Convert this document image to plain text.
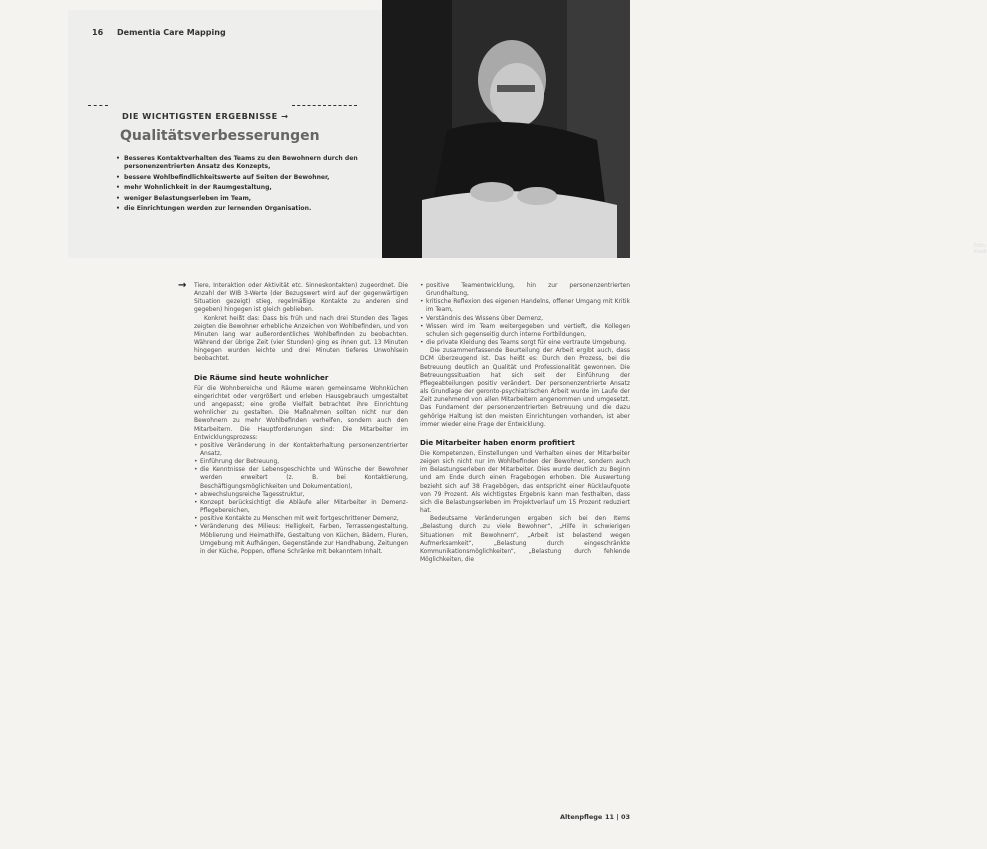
16 Dementia Care Mapping
DIE WICHTIGSTEN ERGEBNISSE →
Qualitätsverbesserungen
• Besseres Kontaktverhalten des Teams zu den Bewohnern durch den personenzentrierten Ansatz des Konzepts,
• bessere Wohlbefindlichkeitswerte auf Seiten der Bewohner,
• mehr Wohnlichkeit in der Raumgestaltung,
• weniger Belastungserleben im Team,
• die Einrichtungen werden zur lernenden Organisation.
Foto: Kiedt
→ Tiere, Interaktion oder Aktivität etc. Sinneskontakten) zugeordnet. Die Anzahl der WIB 3-Werte (der Bezugswert wird auf der gegenwärtigen Situation gezeigt) stieg, regelmäßige Kontakte zu anderen sind gegeben) hingegen ist gleich geblieben.

Konkret heißt das: Dass bis früh und nach drei Stunden des Tages zeigten die Bewohner erhebliche Anzeichen von Wohlbefinden, und von Minuten lang war außerordentliches Wohlbefinden zu beobachten. Während der übrige Zeit (vier Stunden) ging es ihnen gut. 13 Minuten hingegen wurden leichte und drei Minuten tieferes Unwohlsein beobachtet.

Die Räume sind heute wohnlicher

Für die Wohnbereiche und Räume waren gemeinsame Wohnküchen eingerichtet oder vergrößert und erleben Hausgebrauch umgestaltet und angepasst; eine große Vielfalt betrachtet ihre Einrichtung wohnlicher zu gestalten. Die Maßnahmen sollten nicht nur den Bewohnern zu mehr Wohlbefinden verhelfen, sondern auch den Mitarbeitern. Die Hauptforderungen sind: Die Mitarbeiter im Entwicklungsprozess:

• positive Veränderung in der Kontakterhaltung personenzentrierter Ansatz,
• Einführung der Betreuung,
• die Kenntnisse der Lebensgeschichte und Wünsche der Bewohner werden erweitert (z. B. bei Kontaktierung, Beschäftigungsmöglichkeiten und Dokumentation),
• abwechslungsreiche Tagesstruktur,
• Konzept berücksichtigt die Abläufe aller Mitarbeiter in Demenz-Pflegebereichen,
• positive Kontakte zu Menschen mit weit fortgeschrittener Demenz,
• Veränderung des Milieus: Helligkeit, Farben, Terrassengestaltung, Möblierung und Heimathilfe, Gestaltung von Küchen, Bädern, Fluren, Umgebung mit Aufhängen, Gegenstände zur Handhabung, Zeitungen in der Küche, Poppen, offene Schränke mit bekanntem Inhalt.
• positive Teamentwicklung, hin zur personenzentrierten Grundhaltung,
• kritische Reflexion des eigenen Handelns, offener Umgang mit Kritik im Team,
• Verständnis des Wissens über Demenz,
• Wissen wird im Team weitergegeben und vertieft, die Kollegen schulen sich gegenseitig durch interne Fortbildungen,
• die private Kleidung des Teams sorgt für eine vertraute Umgebung.

Die zusammenfassende Beurteilung der Arbeit ergibt auch, dass DCM überzeugend ist. Das heißt es: Durch den Prozess, bei die Betreuung deutlich an Qualität und Professionalität gewonnen. Die Betreuungssituation hat sich seit der Einführung der Pflegeabteilungen positiv verändert. Der personenzentrierte Ansatz als Grundlage der geronto-psychiatrischen Arbeit wurde im Laufe der Zeit zunehmend von allen Mitarbeitern angenommen und umgesetzt. Das Fundament der personenzentrierten Betreuung und die dazu gehörige Haltung ist den meisten Einrichtungen vorhanden, ist aber immer wieder eine Frage der Entwicklung.

Die Mitarbeiter haben enorm profitiert

Die Kompetenzen, Einstellungen und Verhalten eines der Mitarbeiter zeigen sich nicht nur im Wohlbefinden der Bewohner, sondern auch im Belastungserleben der Mitarbeiter. Dies wurde deutlich zu Beginn und am Ende durch einen Fragebogen erhoben. Die Auswertung bezieht sich auf 38 Fragebögen, das entspricht einer Rücklaufquote von 79 Prozent. Als wichtigstes Ergebnis kann man festhalten, dass sich die Belastungserleben im Projektverlauf um 15 Prozent reduziert hat.

Bedeutsame Veränderungen ergaben sich bei den Items „Belastung durch zu viele Bewohner“, „Hilfe in schwierigen Situationen mit Bewohnern“, „Arbeit ist belastend wegen Aufmerksamkeit“, „Belastung durch eingeschränkte Kommunikationsmöglichkeiten“, „Belastung durch fehlende Möglichkeiten, die

Altenpflege 11 | 03
